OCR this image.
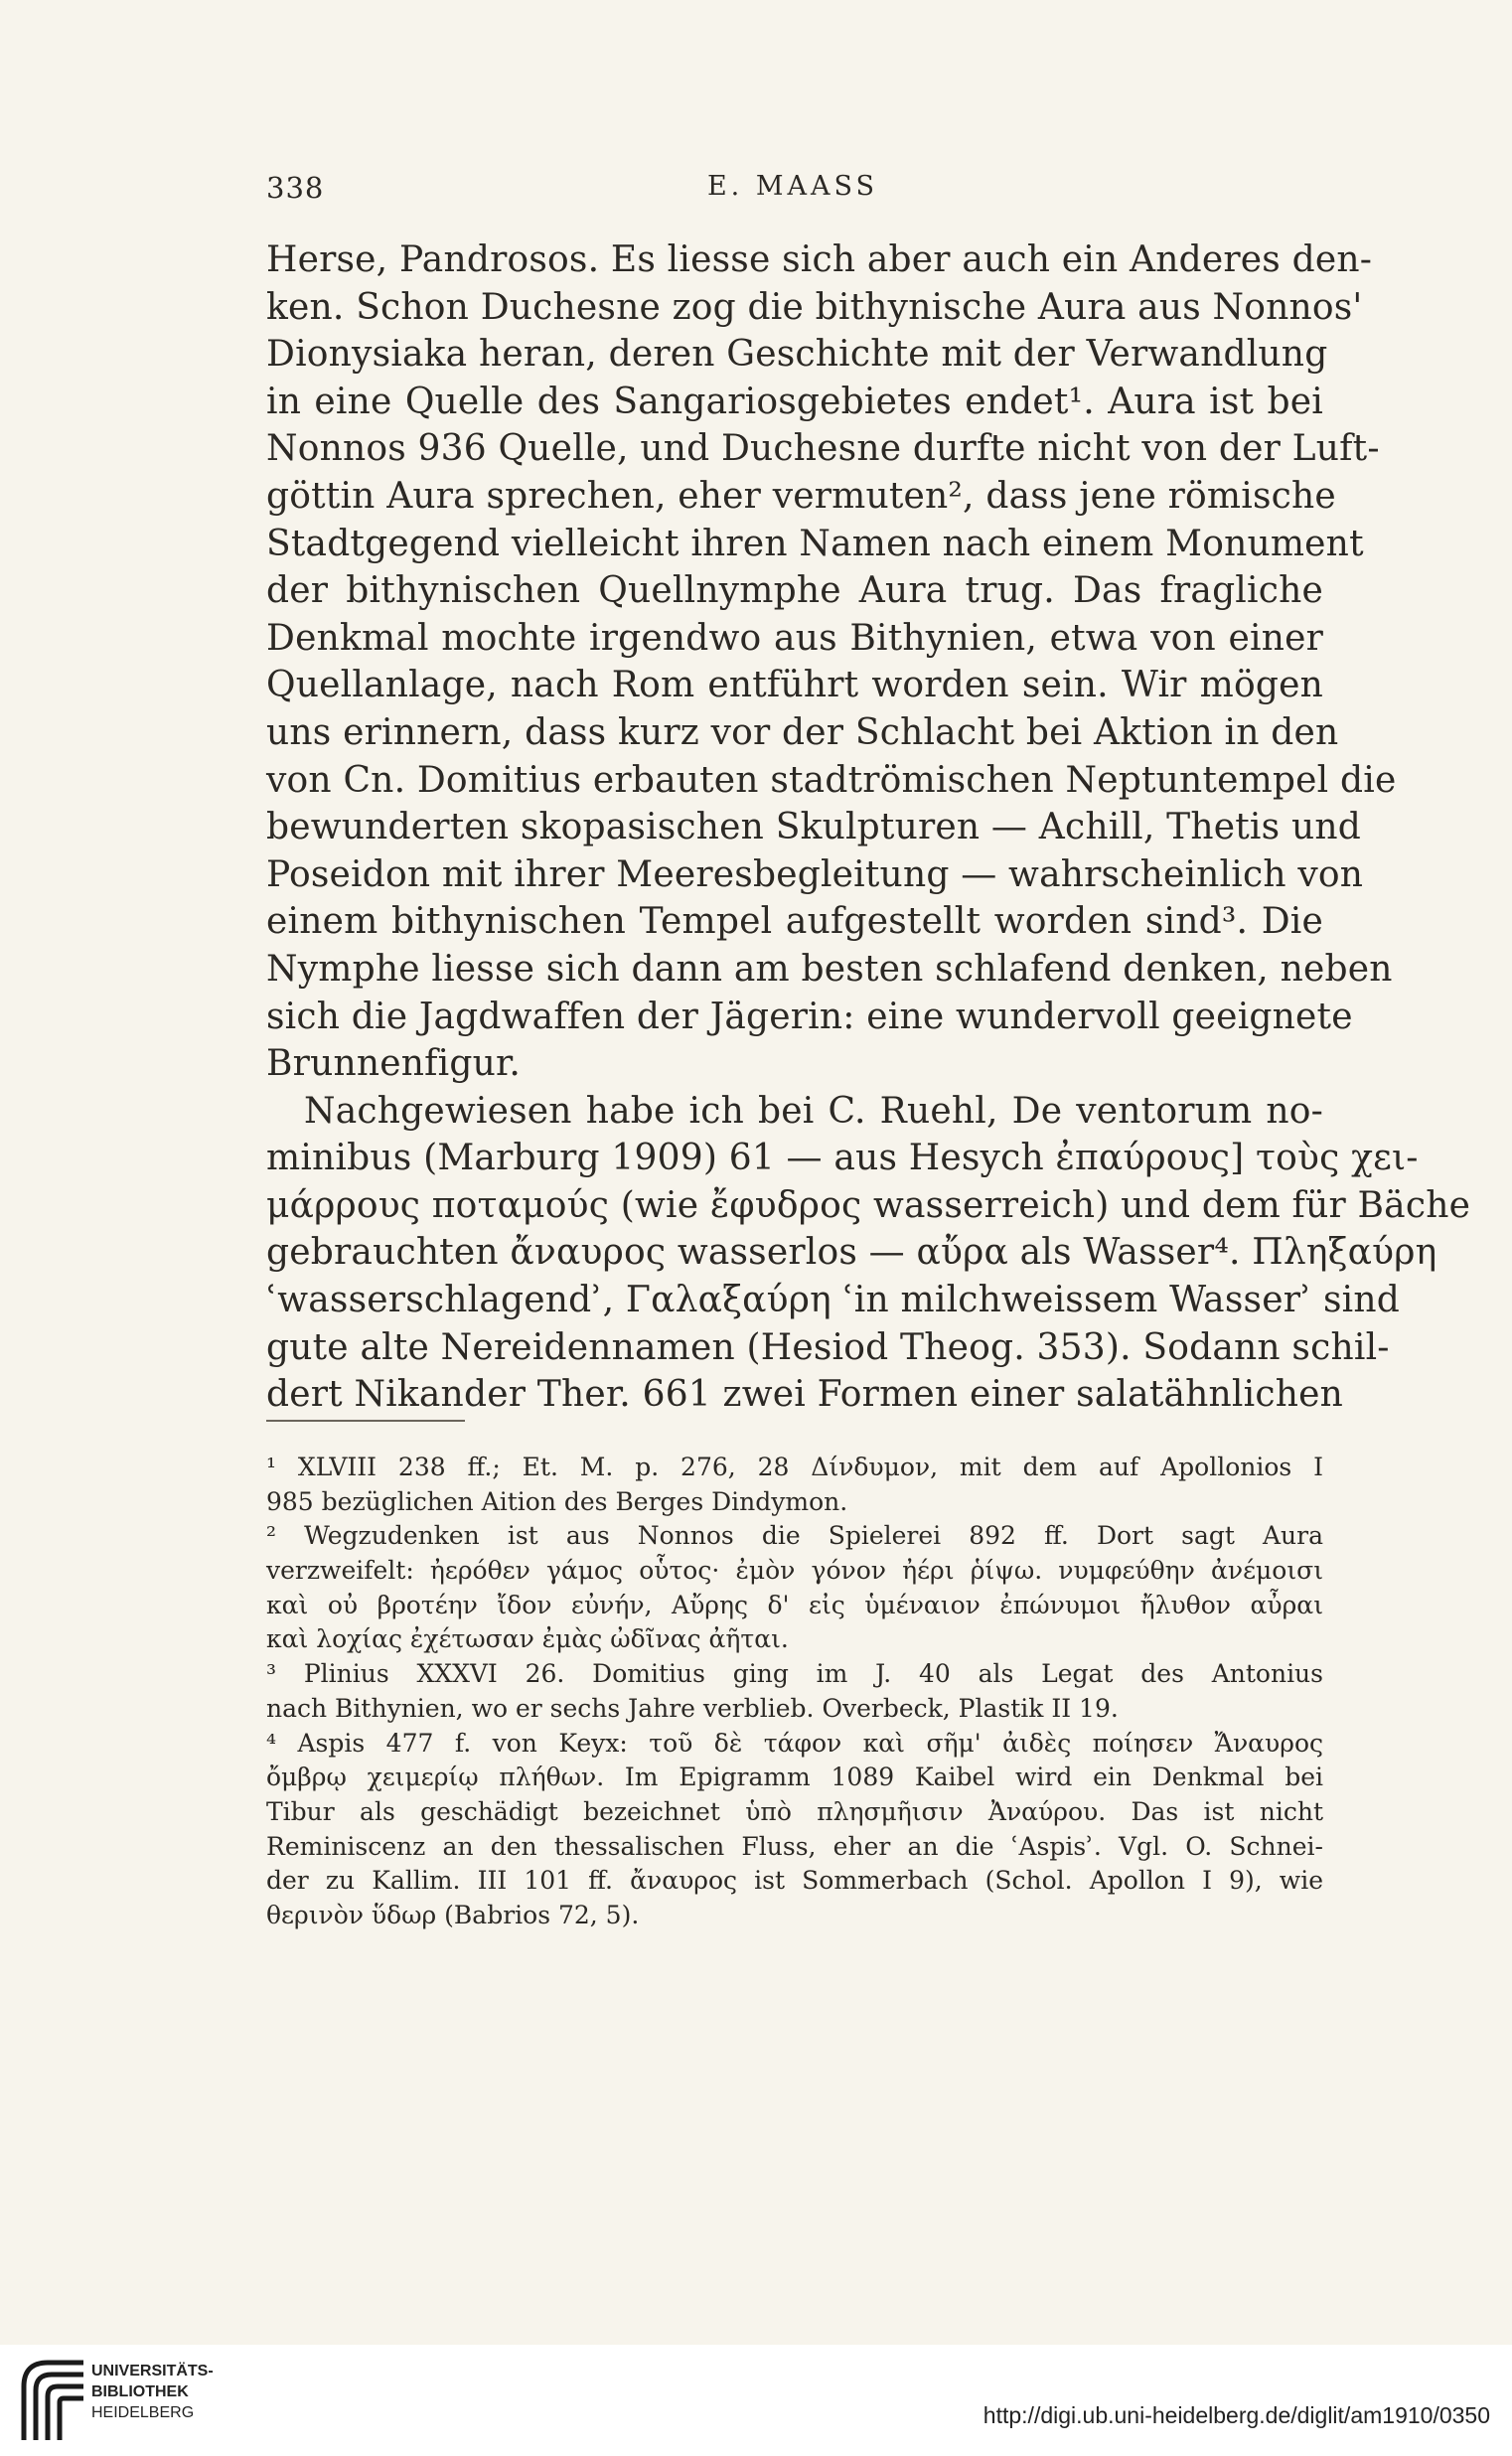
338	E. MAASS
Herse, Pandrosos. Es liesse sich aber auch ein Anderes den-
ken. Schon Duchesne zog die bithynische Aura aus Nonnos'
Dionysiaka heran, deren Geschichte mit der Verwandlung
in eine Quelle des Sangariosgebietes endet¹. Aura ist bei
Nonnos 936 Quelle, und Duchesne durfte nicht von der Luft-
göttin Aura sprechen, eher vermuten², dass jene römische
Stadtgegend vielleicht ihren Namen nach einem Monument
der bithynischen Quellnymphe Aura trug. Das fragliche
Denkmal mochte irgendwo aus Bithynien, etwa von einer
Quellanlage, nach Rom entführt worden sein. Wir mögen
uns erinnern, dass kurz vor der Schlacht bei Aktion in den
von Cn. Domitius erbauten stadtrömischen Neptuntempel die
bewunderten skopasischen Skulpturen — Achill, Thetis und
Poseidon mit ihrer Meeresbegleitung — wahrscheinlich von
einem bithynischen Tempel aufgestellt worden sind³. Die
Nymphe liesse sich dann am besten schlafend denken, neben
sich die Jagdwaffen der Jägerin: eine wundervoll geeignete
Brunnenfigur.
Nachgewiesen habe ich bei C. Ruehl, De ventorum no-
minibus (Marburg 1909) 61 — aus Hesych ἐπαύρους] τοὺς χει-
μάρρους ποταμούς (wie ἔφυδρος wasserreich) und dem für Bäche
gebrauchten ἄναυρος wasserlos — αὔρα als Wasser⁴. Πληξαύρη
ʿwasserschlagendʾ, Γαλαξαύρη ʿin milchweissem Wasserʾ sind
gute alte Nereidennamen (Hesiod Theog. 353). Sodann schil-
dert Nikander Ther. 661 zwei Formen einer salatähnlichen
¹ XLVIII 238 ff.; Et. M. p. 276, 28 Δίνδυμον, mit dem auf Apollonios I
985 bezüglichen Aition des Berges Dindymon.
² Wegzudenken ist aus Nonnos die Spielerei 892 ff. Dort sagt Aura
verzweifelt: ἠερόθεν γάμος οὗτος· ἐμὸν γόνον ἠέρι ῥίψω. νυμφεύθην ἀνέμοισι
καὶ οὐ βροτέην ἴδον εὐνήν, Αὔρης δ' εἰς ὑμέναιον ἐπώνυμοι ἤλυθον αὖραι
καὶ λοχίας ἐχέτωσαν ἐμὰς ὠδῖνας ἀῆται.
³ Plinius XXXVI 26. Domitius ging im J. 40 als Legat des Antonius
nach Bithynien, wo er sechs Jahre verblieb. Overbeck, Plastik II 19.
⁴ Aspis 477 f. von Keyx: τοῦ δὲ τάφον καὶ σῆμ' ἀιδὲς ποίησεν Ἄναυρος
ὄμβρῳ χειμερίῳ πλήθων. Im Epigramm 1089 Kaibel wird ein Denkmal bei
Tibur als geschädigt bezeichnet ὑπὸ πλησμῆισιν Ἀναύρου. Das ist nicht
Reminiscenz an den thessalischen Fluss, eher an die ʿAspisʾ. Vgl. O. Schnei-
der zu Kallim. III 101 ff. ἄναυρος ist Sommerbach (Schol. Apollon I 9), wie
θερινὸν ὕδωρ (Babrios 72, 5).
UNIVERSITÄTS-
BIBLIOTHEK
HEIDELBERG	http://digi.ub.uni-heidelberg.de/diglit/am1910/0350
